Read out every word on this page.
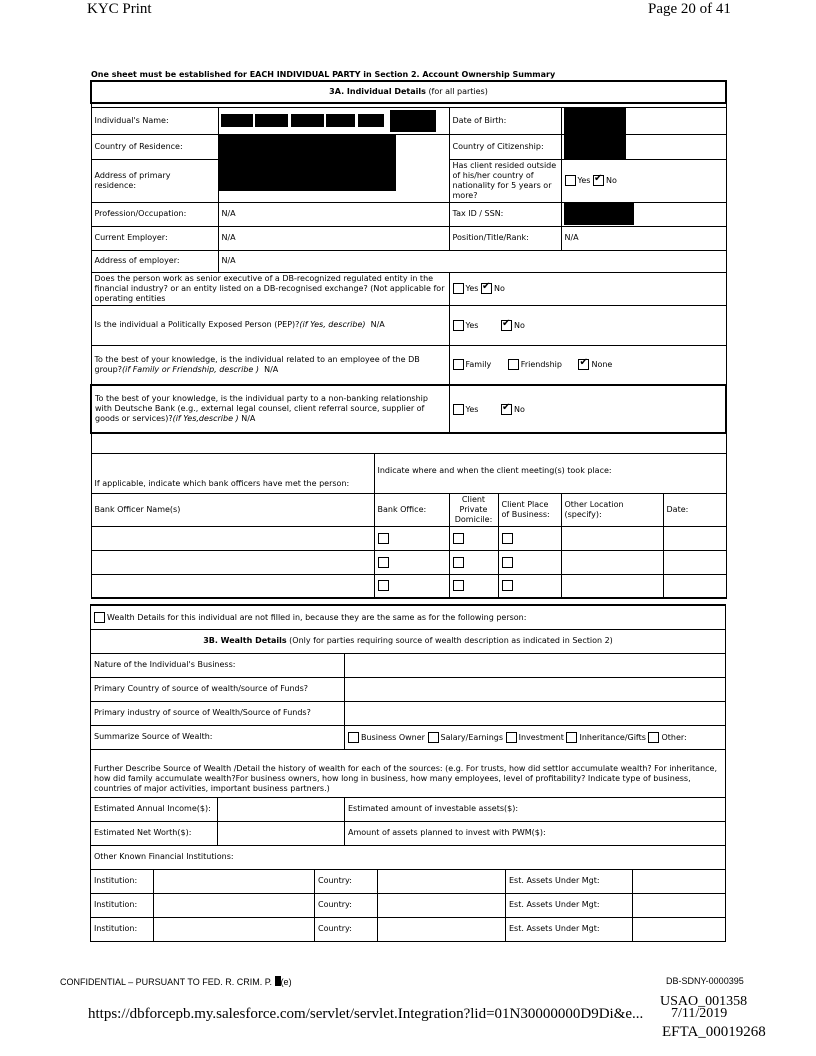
KYC Print	Page 20 of 41
One sheet must be established for EACH INDIVIDUAL PARTY in Section 2. Account Ownership Summary
3A. Individual Details (for all parties)						

Individual's Name:			Date of Birth:			
Country of Residence:			Country of Citizenship:			
Address of primary residence:			Has client resided outside of his/her country of nationality for 5 years or more?		Yes ✔ No
Profession/Occupation:	N/A		Tax ID / SSN:			
Current Employer:	N/A		Position/Title/Rank:		N/A	
Address of employer:	N/A					
Does the person work as senior executive of a DB-recognized regulated entity in the financial industry? or an entity listed on a DB-recognised exchange? (Not applicable for operating entities			Yes ✔ No
Is the individual a Politically Exposed Person (PEP)?(if Yes, describe) N/A			Yes ✔ No
To the best of your knowledge, is the individual related to an employee of the DB group?(if Family or Friendship, describe ) N/A			Family Friendship ✔ None
To the best of your knowledge, is the individual party to a non-banking relationship with Deutsche Bank (e.g., external legal counsel, client referral source, supplier of goods or services)?(if Yes,describe ) N/A			Yes ✔ No

If applicable, indicate which bank officers have met the person:		Indicate where and when the client meeting(s) took place:				
Bank Officer Name(s)		Bank Office:	Client Private Domicile:	Client Place of Business:	Other Location (specify):	Date:

Wealth Details for this individual are not filled in, because they are the same as for the following person:							
3B. Wealth Details (Only for parties requiring source of wealth description as indicated in Section 2)							
Nature of the Individual's Business:							
Primary Country of source of wealth/source of Funds?							
Primary industry of source of Wealth/Source of Funds?							
Summarize Source of Wealth:				Business Owner Salary/Earnings Investment Inheritance/Gifts Other:			
Further Describe Source of Wealth /Detail the history of wealth for each of the sources: (e.g. For trusts, how did settlor accumulate wealth? For inheritance, how did family accumulate wealth?For business owners, how long in business, how many employees, level of profitability? Indicate type of business, countries of major activities, important business partners.)							
Estimated Annual Income($):				Estimated amount of investable assets($):			
Estimated Net Worth($):				Amount of assets planned to invest with PWM($):			
Other Known Financial Institutions:							
Institution:			Country:			Est. Assets Under Mgt:	
Institution:			Country:			Est. Assets Under Mgt:	
Institution:			Country:			Est. Assets Under Mgt:	
CONFIDENTIAL – PURSUANT TO FED. R. CRIM. P. (e)	DB-SDNY-0000395
USAO_001358
https://dbforcepb.my.salesforce.com/servlet/servlet.Integration?lid=01N30000000D9Di&e... 7/11/2019
EFTA_00019268
